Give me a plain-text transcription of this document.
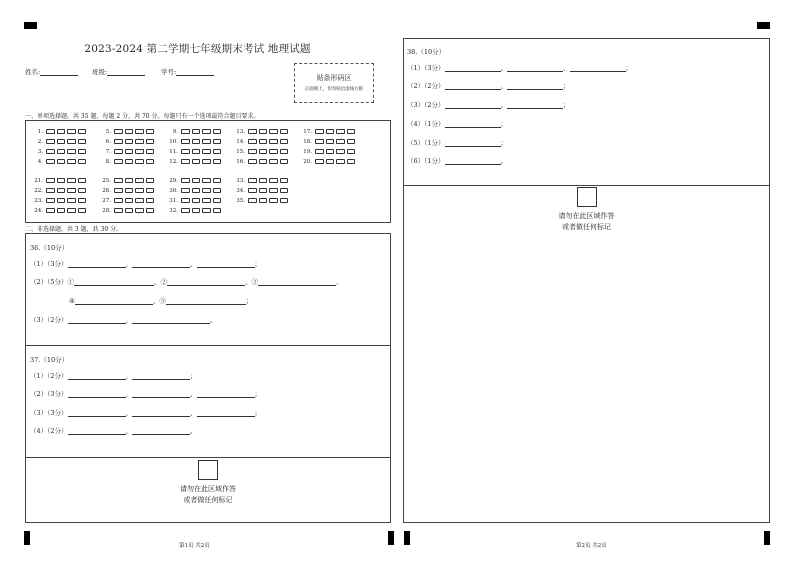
2023-2024 第二学期七年级期末考试 地理试题
姓名:	班级:	学号:
贴条形码区
正面朝上，切勿贴出虚线方框
一、单项选择题。共 35 题，每题 2 分，共 70 分。每题只有一个选项最符合题目要求。
1.	5.	9.	13.	17.
2.	6.	10.	14.	18.
3.	7.	11.	15.	19.
4.	8.	12.	16.	20.
21.	25.	29.	33.
22.	26.	30.	34.
23.	27.	31.	35.
24.	28.	32.
二、非选择题。共 3 题，共 30 分。
36.（10分）
（1）（3分）	、	、	；
（2）（5分）①	、②	、③	、
④	、⑤	；
（3）（2分）	、	。
37.（10分）
（1）（2分）	、	；
（2）（3分）	、	、	；
（3）（3分）	、	、	；
（4）（2分）	、	。
请勿在此区域作答
或者做任何标记
第1页 共2页
38.（10分）
（1）（3分）	、	、	；
（2）（2分）	、	；
（3）（2分）	、	；
（4）（1分）	；
（5）（1分）	；
（6）（1分）	。
请勿在此区域作答
或者做任何标记
第2页 共2页
